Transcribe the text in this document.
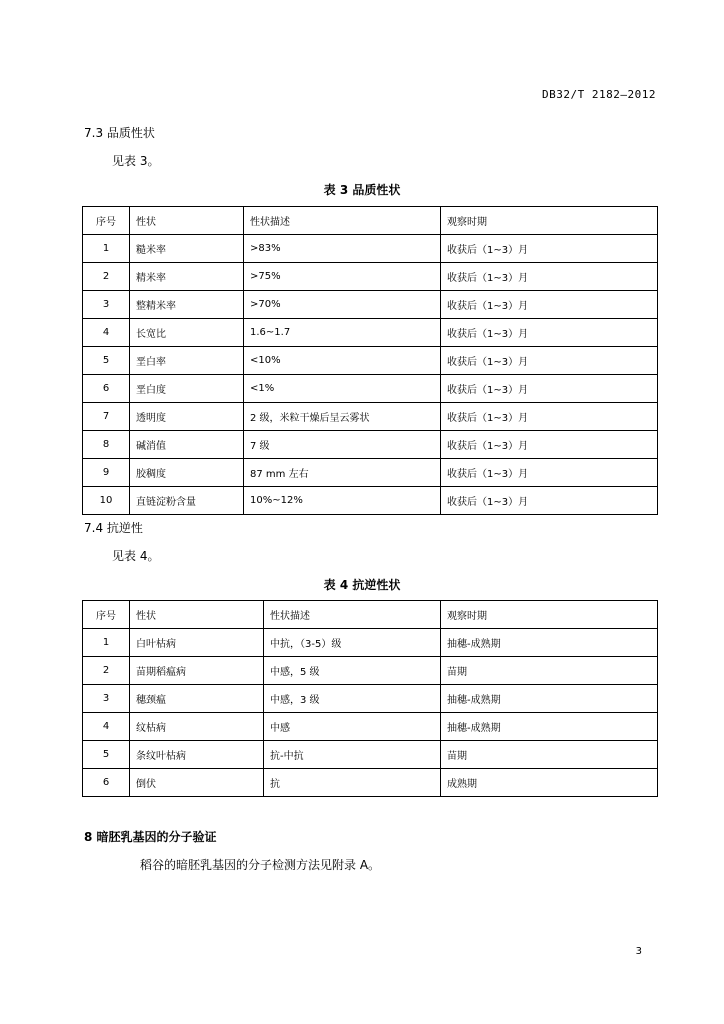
DB32/T 2182—2012
7.3 品质性状
见表 3。
表 3 品质性状
序号	性状	性状描述	观察时期
1	糙米率	>83%	收获后（1~3）月
2	精米率	>75%	收获后（1~3）月
3	整精米率	>70%	收获后（1~3）月
4	长宽比	1.6~1.7	收获后（1~3）月
5	垩白率	<10%	收获后（1~3）月
6	垩白度	<1%	收获后（1~3）月
7	透明度	2 级，米粒干燥后呈云雾状	收获后（1~3）月
8	碱消值	7 级	收获后（1~3）月
9	胶稠度	87 mm 左右	收获后（1~3）月
10	直链淀粉含量	10%~12%	收获后（1~3）月
7.4 抗逆性
见表 4。
表 4 抗逆性状
序号	性状	性状描述	观察时期
1	白叶枯病	中抗，（3-5）级	抽穗-成熟期
2	苗期稻瘟病	中感，5 级	苗期
3	穗颈瘟	中感，3 级	抽穗-成熟期
4	纹枯病	中感	抽穗-成熟期
5	条纹叶枯病	抗-中抗	苗期
6	倒伏	抗	成熟期
8 暗胚乳基因的分子验证
稻谷的暗胚乳基因的分子检测方法见附录 A。
3
